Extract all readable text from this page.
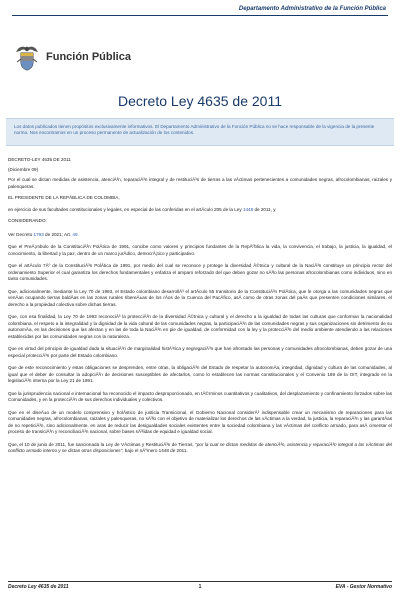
Departamento Administrativo de la Función Pública
Función Pública
Decreto Ley 4635 de 2011
Los datos publicados tienen propósitos exclusivamente informativos. El Departamento Administrativo de la Función Pública no se hace responsable de la vigencia de la presente norma. Nos encontramos en un proceso permanente de actualización de los contenidos.

DECRETO-LEY 4635 DE 2011

(Diciembre 09)

Por el cual se dictan medidas de asistencia, atenciÃ³n, reparaciÃ³n integral y de restituciÃ³n de tierras a las vÃctimas pertenecientes a comunidades negras, afrocolombianas, raizales y palenqueras.

EL PRESIDENTE DE LA REPÃBLICA DE COLOMBIA,

en ejercicio de sus facultades constitucionales y legales, en especial de las conferidas en el artÃculo 205 de la Ley 1448 de 2011, y

CONSIDERANDO:

Ver Decreto 1793 de 2021; Art. 49.

Que el PreÃ¡mbulo de la ConstituciÃ³n PolÃtica de 1991, concibe como valores y principios fundantes de la RepÃºblica la vida, la convivencia, el trabajo, la justicia, la igualdad, el conocimiento, la libertad y la paz, dentro de un marco jurÃdico, democrÃ¡tico y participativo.

Que el artÃculo 7Âº de la ConstituciÃ³n PolÃtica de 1991, por medio del cual se reconoce y protege la diversidad Ã©tnica y cultural de la NaciÃ³n constituye un principio rector del ordenamiento Superior el cual garantiza los derechos fundamentales y enfatiza el amparo reforzado del que deben gozar no sÃ³lo las personas afrocolombianas como individuos, sino en tanto comunidades.

Que, adicionalmente, mediante la Ley 70 de 1993, el Estado colombiano desarrollÃ³ el artÃculo 55 transitorio de la ConstituciÃ³n PolÃtica, que le otorga a las comunidades negras que venÃan ocupando tierras baldÃas en las zonas rurales ribereÃ±as de los rÃos de la Cuenca del PacÃfico, asÃ como de otras zonas del paÃs que presenten condiciones similares, el derecho a la propiedad colectiva sobre dichas tierras.

Que, con esa finalidad, la Ley 70 de 1993 reconociÃ³ la protecciÃ³n de la diversidad Ã©tnica y cultural y el derecho a la igualdad de todas las culturas que conforman la nacionalidad colombiana, el respeto a la integralidad y la dignidad de la vida cultural de las comunidades negras, la participaciÃ³n de las comunidades negras y sus organizaciones sin detrimento de su autonomÃa, en las decisiones que las afectan y en las de toda la NaciÃ³n en pie de igualdad, de conformidad con la ley y la protecciÃ³n del medio ambiente atendiendo a las relaciones establecidas por las comunidades negras con la naturaleza.

Que en virtud del principio de igualdad dada la situaciÃ³n de marginalidad histÃ³rica y segregaciÃ³n que han afrontado las personas y comunidades afrocolombianas, deben gozar de una especial protecciÃ³n por parte del Estado colombiano.

Que de este reconocimiento y estas obligaciones se desprenden, entre otras, la obligaciÃ³n del Estado de respetar la autonomÃa, integridad, dignidad y cultura de las comunidades, al igual que el deber de consultar la adopciÃ³n de decisiones susceptibles de afectarlos, como lo establecen las normas constitucionales y el Convenio 169 de la OIT, integrado en la legislaciÃ³n interna por la Ley 21 de 1991.

Que la jurisprudencia nacional e internacional ha reconocido el impacto desproporcionado, en tÃ©rminos cuantitativos y cualitativos, del desplazamiento y confinamiento forzados sobre las Comunidades, y en la protecciÃ³n de sus derechos individuales y colectivos.

Que en el diseÃ±o de un modelo comprensivo y holÃstico de justicia Transicional, el Gobierno Nacional considerÃ³ indispensable crear un mecanismo de reparaciones para las comunidades negras, afrocolombianas, raizales y palenqueras, no sÃ³lo con el objetivo de materializar los derechos de las vÃctimas a la verdad, la justicia, la reparaciÃ³n y las garantÃas de no repeticiÃ³n, sino adicionalmente, en aras de reducir las desigualdades sociales existentes entre la sociedad colombiana y las vÃctimas del conflicto armado, para asÃ cimentar el proceso de transiciÃ³n y reconciliaciÃ³n nacional, sobre bases sÃ³lidas de equidad e igualdad social.

Que, el 10 de junio de 2011, fue sancionada la Ley de VÃctimas y RestituciÃ³n de Tierras, "por la cual se dictan medidas de atenciÃ³n, asistencia y reparaciÃ³n integral a las vÃctimas del conflicto armado interno y se dictan otras disposiciones", bajo el nÃºmero 1448 de 2011.

Decreto Ley 4635 de 2011	1	EVA - Gestor Normativo
